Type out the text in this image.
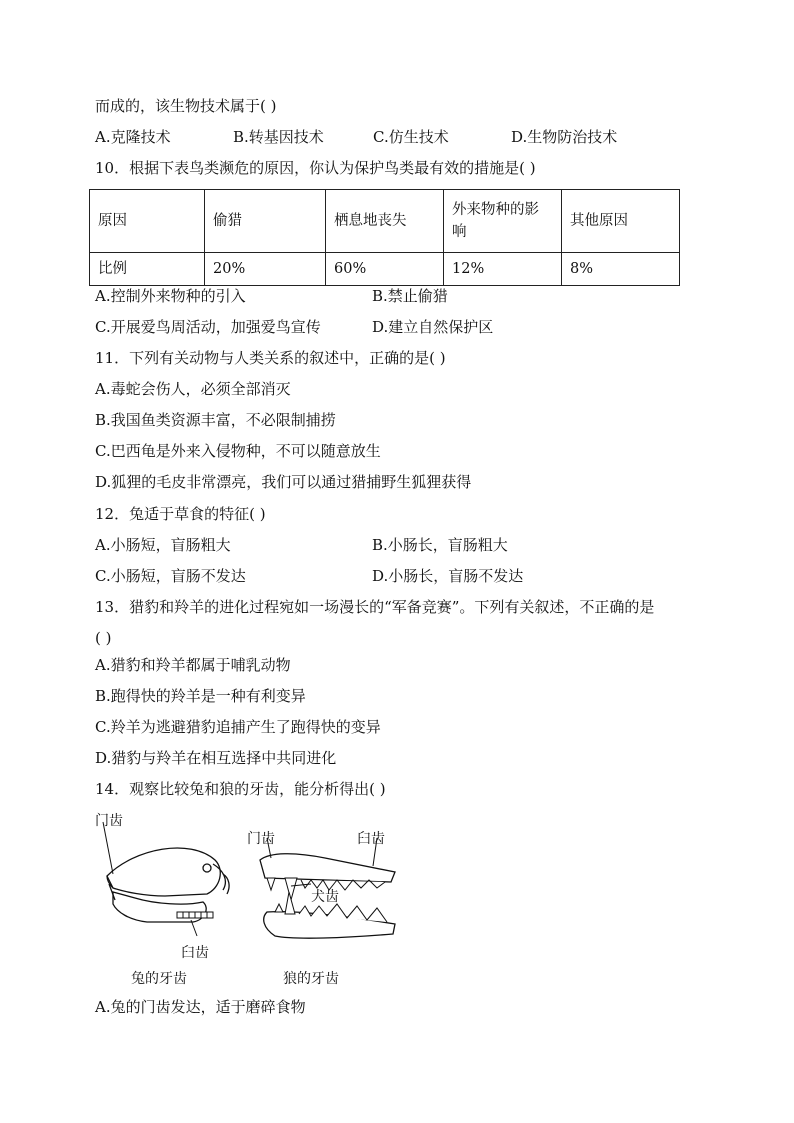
而成的，该生物技术属于( )
A.克隆技术	B.转基因技术	C.仿生技术	D.生物防治技术
10．根据下表鸟类濒危的原因，你认为保护鸟类最有效的措施是( )
原因	偷猎	栖息地丧失	外来物种的影响	其他原因
比例	20%	60%	12%	8%
A.控制外来物种的引入	B.禁止偷猎
C.开展爱鸟周活动，加强爱鸟宣传	D.建立自然保护区
11．下列有关动物与人类关系的叙述中，正确的是( )
A.毒蛇会伤人，必须全部消灭
B.我国鱼类资源丰富，不必限制捕捞
C.巴西龟是外来入侵物种，不可以随意放生
D.狐狸的毛皮非常漂亮，我们可以通过猎捕野生狐狸获得
12．兔适于草食的特征( )
A.小肠短，盲肠粗大	B.小肠长，盲肠粗大
C.小肠短，盲肠不发达	D.小肠长，盲肠不发达
13．猎豹和羚羊的进化过程宛如一场漫长的“军备竞赛”。下列有关叙述，不正确的是
( )
A.猎豹和羚羊都属于哺乳动物
B.跑得快的羚羊是一种有利变异
C.羚羊为逃避猎豹追捕产生了跑得快的变异
D.猎豹与羚羊在相互选择中共同进化
14．观察比较兔和狼的牙齿，能分析得出( )
门齿
臼齿
兔的牙齿
门齿	臼齿
犬齿
狼的牙齿
A.兔的门齿发达，适于磨碎食物
